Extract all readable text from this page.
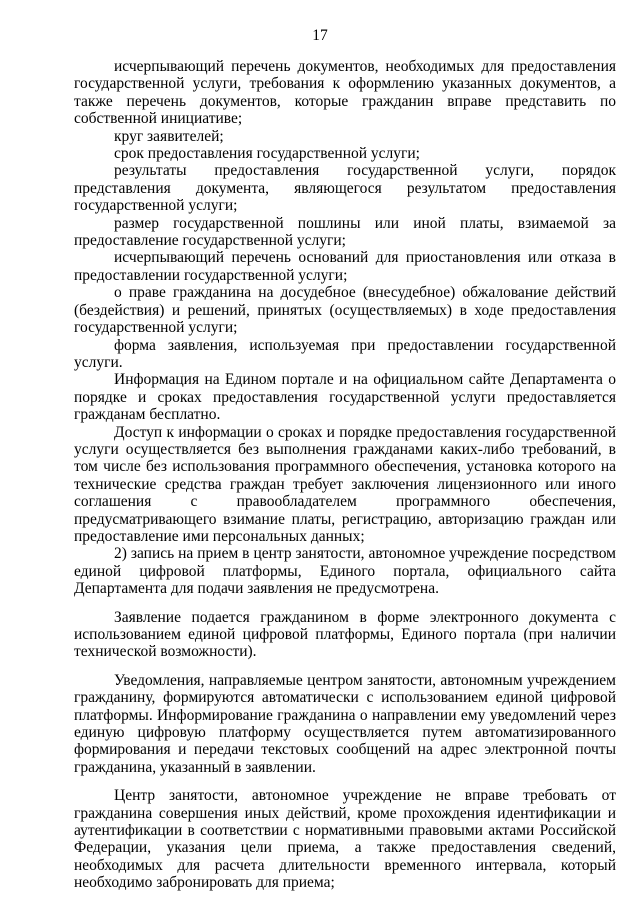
17

исчерпывающий перечень документов, необходимых для предоставления государственной услуги, требования к оформлению указанных документов, а также перечень документов, которые гражданин вправе представить по собственной инициативе;

круг заявителей;

срок предоставления государственной услуги;

результаты предоставления государственной услуги, порядок представления документа, являющегося результатом предоставления государственной услуги;

размер государственной пошлины или иной платы, взимаемой за предоставление государственной услуги;

исчерпывающий перечень оснований для приостановления или отказа в предоставлении государственной услуги;

о праве гражданина на досудебное (внесудебное) обжалование действий (бездействия) и решений, принятых (осуществляемых) в ходе предоставления государственной услуги;

форма заявления, используемая при предоставлении государственной услуги.

Информация на Едином портале и на официальном сайте Департамента о порядке и сроках предоставления государственной услуги предоставляется гражданам бесплатно.

Доступ к информации о сроках и порядке предоставления государственной услуги осуществляется без выполнения гражданами каких-либо требований, в том числе без использования программного обеспечения, установка которого на технические средства граждан требует заключения лицензионного или иного соглашения с правообладателем программного обеспечения, предусматривающего взимание платы, регистрацию, авторизацию граждан или предоставление ими персональных данных;

2) запись на прием в центр занятости, автономное учреждение посредством единой цифровой платформы, Единого портала, официального сайта Департамента для подачи заявления не предусмотрена.

Заявление подается гражданином в форме электронного документа с использованием единой цифровой платформы, Единого портала (при наличии технической возможности).

Уведомления, направляемые центром занятости, автономным учреждением гражданину, формируются автоматически с использованием единой цифровой платформы. Информирование гражданина о направлении ему уведомлений через единую цифровую платформу осуществляется путем автоматизированного формирования и передачи текстовых сообщений на адрес электронной почты гражданина, указанный в заявлении.

Центр занятости, автономное учреждение не вправе требовать от гражданина совершения иных действий, кроме прохождения идентификации и аутентификации в соответствии с нормативными правовыми актами Российской Федерации, указания цели приема, а также предоставления сведений, необходимых для расчета длительности временного интервала, который необходимо забронировать для приема;
